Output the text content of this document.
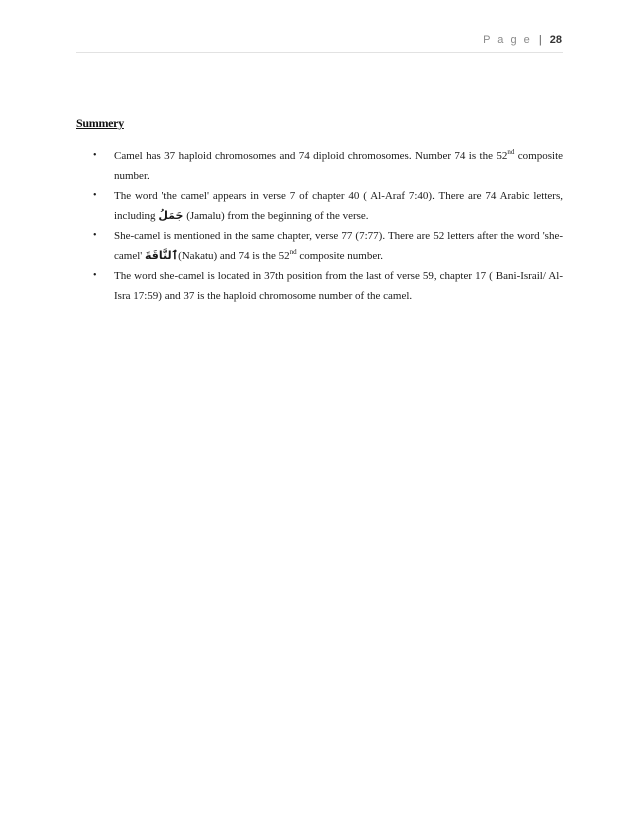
P a g e | 28
Summery
• Camel has 37 haploid chromosomes and 74 diploid chromosomes. Number 74 is the 52nd composite number.
• The word 'the camel' appears in verse 7 of chapter 40 ( Al-Araf 7:40). There are 74 Arabic letters, including جَمَلُ (Jamalu) from the beginning of the verse.
• She-camel is mentioned in the same chapter, verse 77 (7:77). There are 52 letters after the word 'she-camel' ٱلنَّاقَةَ(Nakatu) and 74 is the 52nd composite number.
• The word she-camel is located in 37th position from the last of verse 59, chapter 17 ( Bani-Israil/ Al-Isra 17:59) and 37 is the haploid chromosome number of the camel.
